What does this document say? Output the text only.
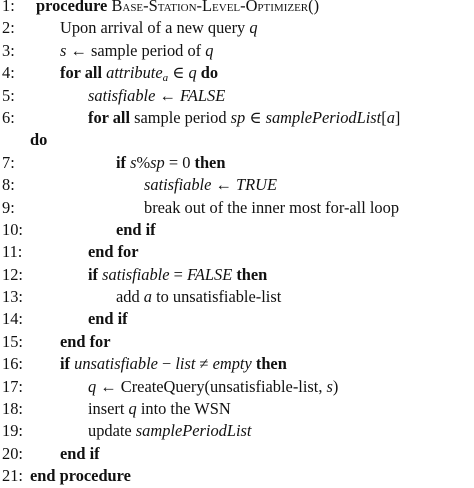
1:	procedure Base-Station-Level-Optimizer()
2:	Upon arrival of a new query q
3:	s ← sample period of q
4:	for all attributea ∈ q do
5:	satisfiable ← FALSE
6:	for all sample period sp ∈ samplePeriodList[a]
do
7:	if s%sp = 0 then
8:	satisfiable ← TRUE
9:	break out of the inner most for-all loop
10:	end if
11:	end for
12:	if satisfiable = FALSE then
13:	add a to unsatisfiable-list
14:	end if
15: end for
16: if unsatisfiable − list ≠ empty then
17:	q ← CreateQuery(unsatisfiable-list, s)
18:	insert q into the WSN
19:	update samplePeriodList
20: end if
21: end procedure
